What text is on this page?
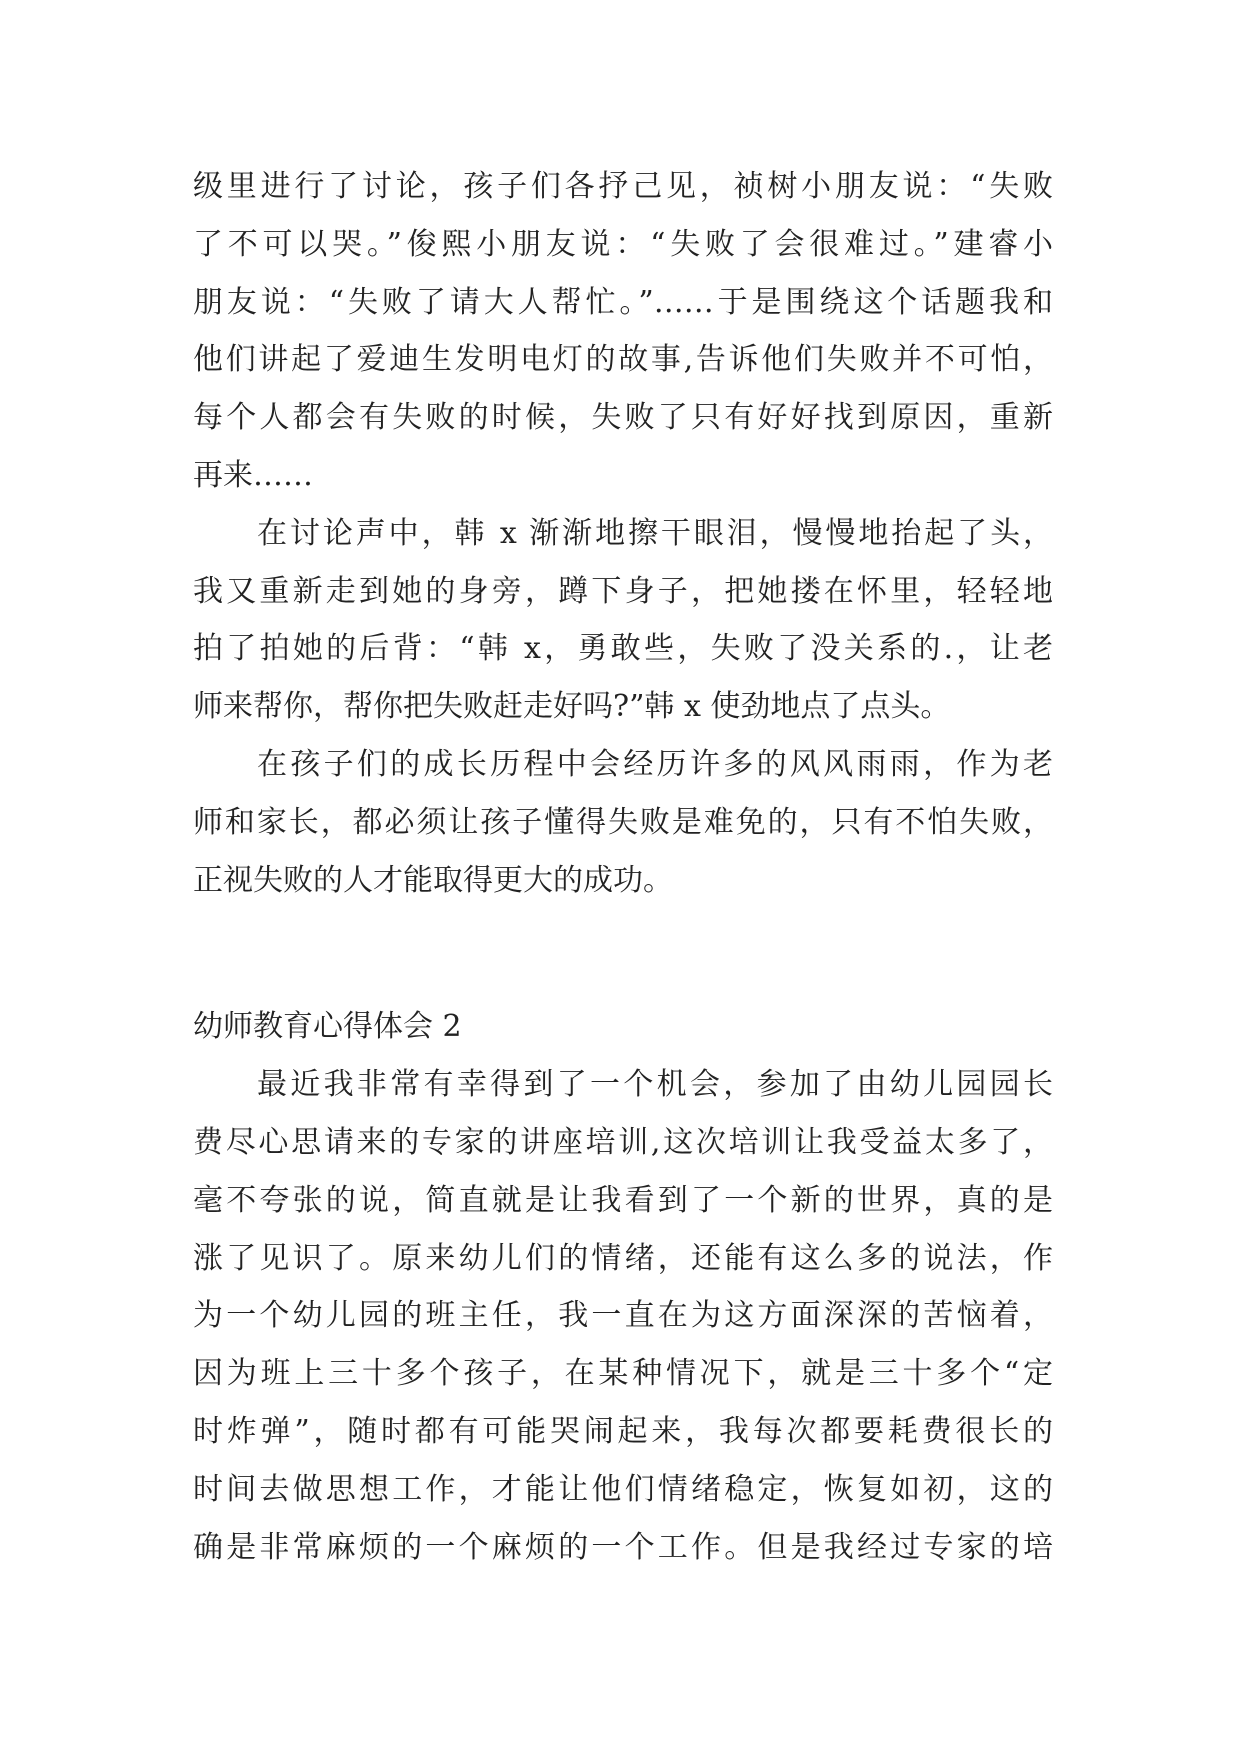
级里进行了讨论，孩子们各抒己见，祯树小朋友说：“失败
了不可以哭。”俊熙小朋友说：“失败了会很难过。”建睿小
朋友说：“失败了请大人帮忙。”……于是围绕这个话题我和
他们讲起了爱迪生发明电灯的故事,告诉他们失败并不可怕，
每个人都会有失败的时候，失败了只有好好找到原因，重新
再来……
在讨论声中，韩 x 渐渐地擦干眼泪，慢慢地抬起了头，
我又重新走到她的身旁，蹲下身子，把她搂在怀里，轻轻地
拍了拍她的后背：“韩 x，勇敢些，失败了没关系的.，让老
师来帮你，帮你把失败赶走好吗?”韩 x 使劲地点了点头。
在孩子们的成长历程中会经历许多的风风雨雨，作为老
师和家长，都必须让孩子懂得失败是难免的，只有不怕失败，
正视失败的人才能取得更大的成功。
幼师教育心得体会 2
最近我非常有幸得到了一个机会，参加了由幼儿园园长
费尽心思请来的专家的讲座培训,这次培训让我受益太多了，
毫不夸张的说，简直就是让我看到了一个新的世界，真的是
涨了见识了。原来幼儿们的情绪，还能有这么多的说法，作
为一个幼儿园的班主任，我一直在为这方面深深的苦恼着，
因为班上三十多个孩子，在某种情况下，就是三十多个“定
时炸弹”，随时都有可能哭闹起来，我每次都要耗费很长的
时间去做思想工作，才能让他们情绪稳定，恢复如初，这的
确是非常麻烦的一个麻烦的一个工作。但是我经过专家的培
